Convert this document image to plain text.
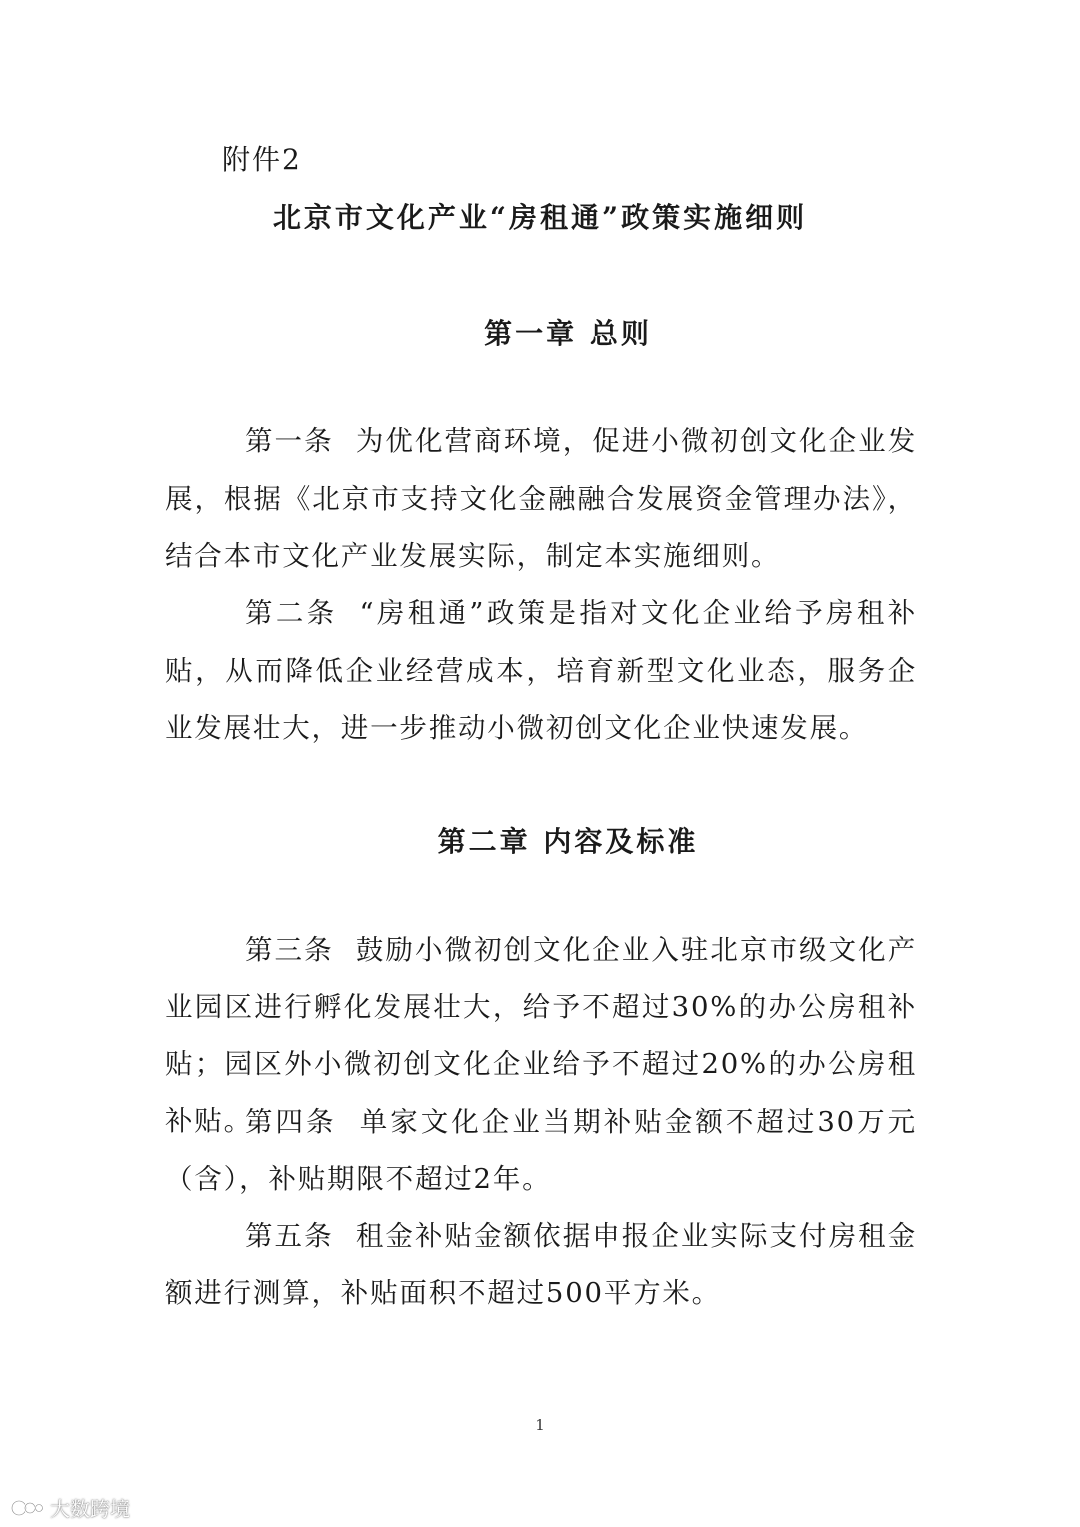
附件2
北京市文化产业“房租通”政策实施细则
第一章 总则

第一条 为优化营商环境，促进小微初创文化企业发展，根据《北京市支持文化金融融合发展资金管理办法》，结合本市文化产业发展实际，制定本实施细则。

第二条 “房租通”政策是指对文化企业给予房租补贴，从而降低企业经营成本，培育新型文化业态，服务企业发展壮大，进一步推动小微初创文化企业快速发展。

第二章 内容及标准

第三条 鼓励小微初创文化企业入驻北京市级文化产业园区进行孵化发展壮大，给予不超过30%的办公房租补贴；园区外小微初创文化企业给予不超过20%的办公房租补贴。

第四条 单家文化企业当期补贴金额不超过30万元（含），补贴期限不超过2年。

第五条 租金补贴金额依据申报企业实际支付房租金额进行测算，补贴面积不超过500平方米。

1
大数跨境
